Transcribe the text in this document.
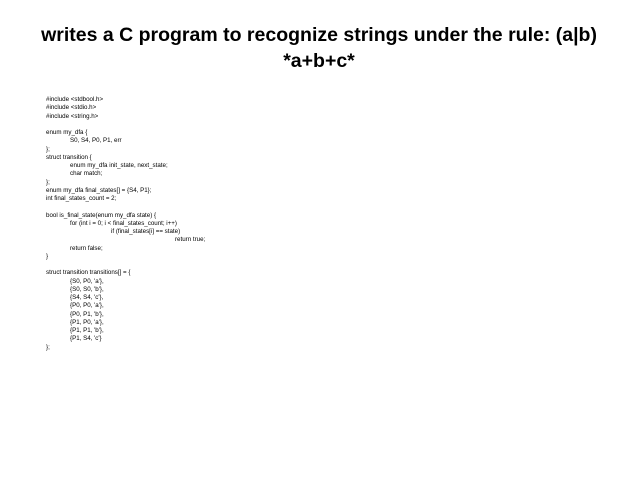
writes a C program to recognize strings under the rule: (a|b)
*a+b+c*
#include <stdbool.h>
#include <stdio.h>
#include <string.h>
enum my_dfa {
S0, S4, P0, P1, err
};
struct transition {
enum my_dfa init_state, next_state;
char match;
};
enum my_dfa final_states[] = {S4, P1};
int final_states_count = 2;
bool is_final_state(enum my_dfa state) {
for (int i = 0; i < final_states_count; i++)
if (final_states[i] == state)
return true;
return false;
}
struct transition transitions[] = {
{S0, P0, 'a'},
{S0, S0, 'b'},
{S4, S4, 'c'},
{P0, P0, 'a'},
{P0, P1, 'b'},
{P1, P0, 'a'},
{P1, P1, 'b'},
{P1, S4, 'c'}
};
